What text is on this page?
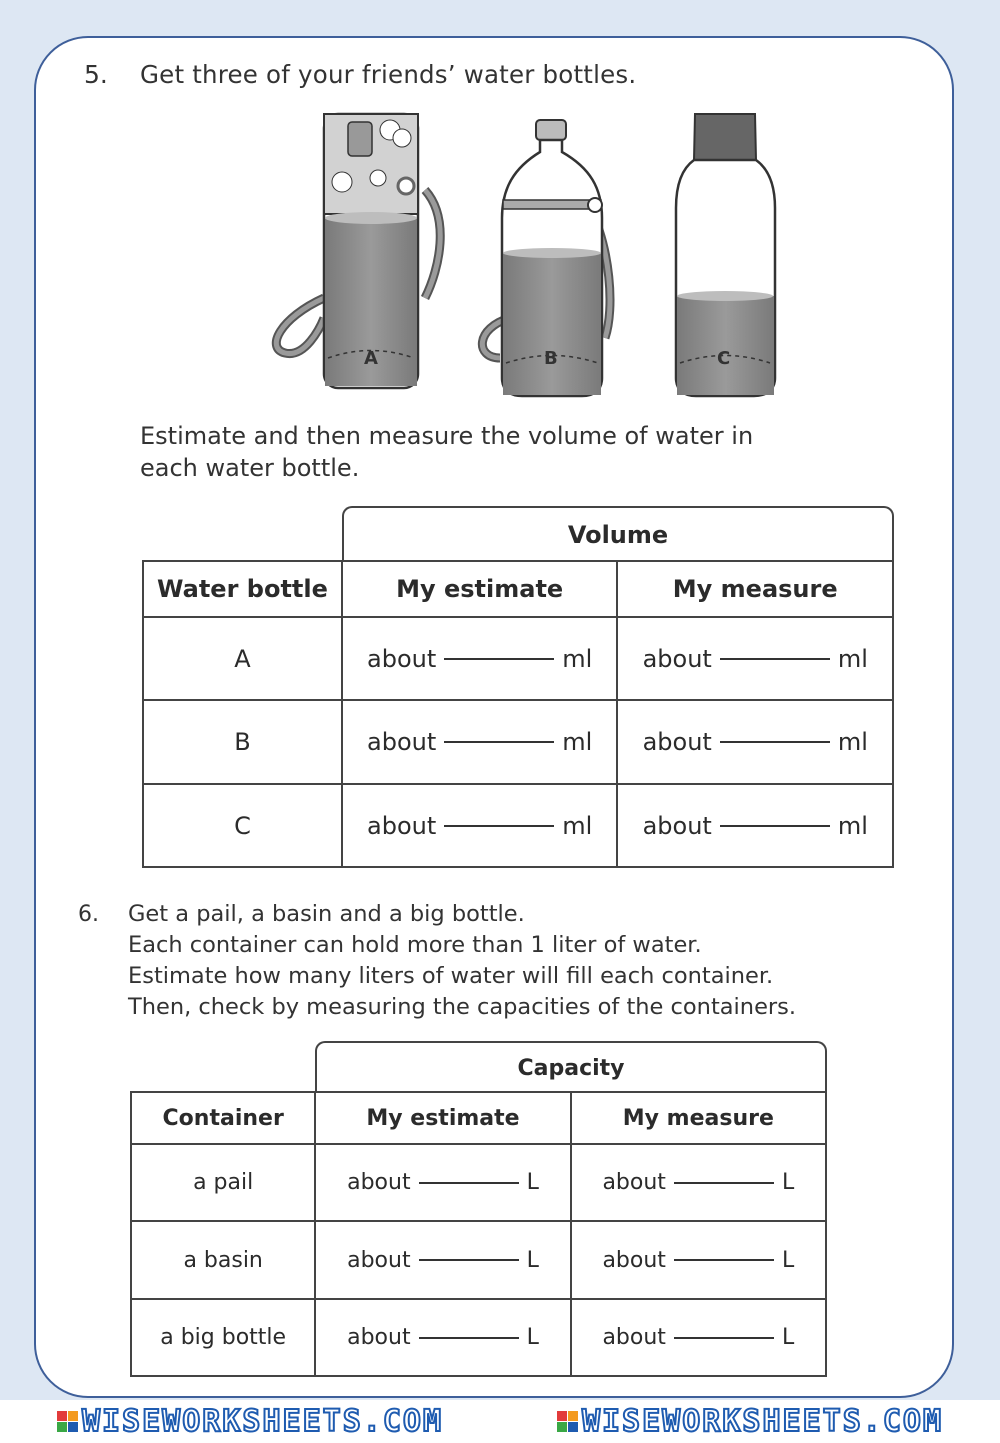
5. Get three of your friends’ water bottles.
A	B	C
Estimate and then measure the volume of water in
each water bottle.
Volume
Water bottle	My estimate	My measure
A	about ml	about ml

B	about ml	about ml

C	about ml	about ml
6. Get a pail, a basin and a big bottle.
Each container can hold more than 1 liter of water.
Estimate how many liters of water will fill each container.
Then, check by measuring the capacities of the containers.
Capacity
Container	My estimate	My measure
a pail	about L	about L

a basin	about L	about L

a big bottle	about L	about L
WISEWORKSHEETS.COM	WISEWORKSHEETS.COM
